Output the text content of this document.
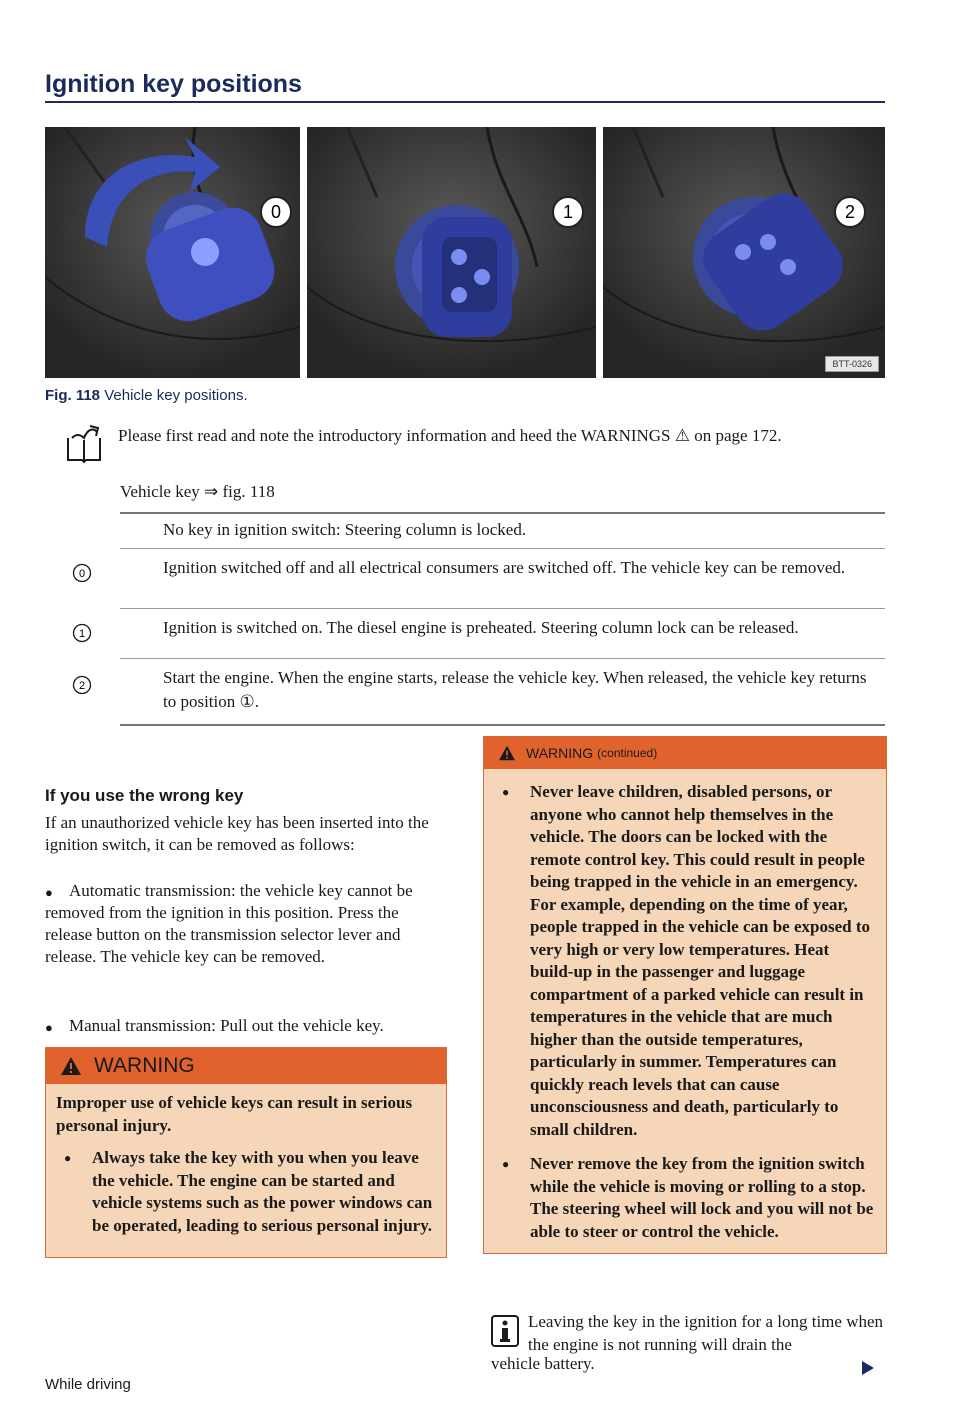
Ignition key positions
0	1	2
BTT-0326
Fig. 118 Vehicle key positions.
Please first read and note the introductory information and heed the WARNINGS ⚠ on page 172.
Vehicle key ⇒ fig. 118
No key in ignition switch: Steering column is locked.
0	Ignition switched off and all electrical consumers are switched off. The vehicle key can be removed.
1	Ignition is switched on. The diesel engine is preheated. Steering column lock can be released.
2	Start the engine. When the engine starts, release the vehicle key. When released, the vehicle key returns to position ①.
If you use the wrong key
If an unauthorized vehicle key has been inserted into the ignition switch, it can be removed as follows:
● Automatic transmission: the vehicle key cannot be removed from the ignition in this position. Press the release button on the transmission selector lever and release. The vehicle key can be removed.
● Manual transmission: Pull out the vehicle key.
WARNING

Improper use of vehicle keys can result in serious personal injury.

● Always take the key with you when you leave the vehicle. The engine can be started and vehicle systems such as the power windows can be operated, leading to serious personal injury.

WARNING (continued)

● Never leave children, disabled persons, or anyone who cannot help themselves in the vehicle. The doors can be locked with the remote control key. This could result in people being trapped in the vehicle in an emergency. For example, depending on the time of year, people trapped in the vehicle can be exposed to very high or very low temperatures. Heat build-up in the passenger and luggage compartment of a parked vehicle can result in temperatures in the vehicle that are much higher than the outside temperatures, particularly in summer. Temperatures can quickly reach levels that can cause unconsciousness and death, particularly to small children.

● Never remove the key from the ignition switch while the vehicle is moving or rolling to a stop. The steering wheel will lock and you will not be able to steer or control the vehicle.

Leaving the key in the ignition for a long time when the engine is not running will drain the
vehicle battery.
While driving
